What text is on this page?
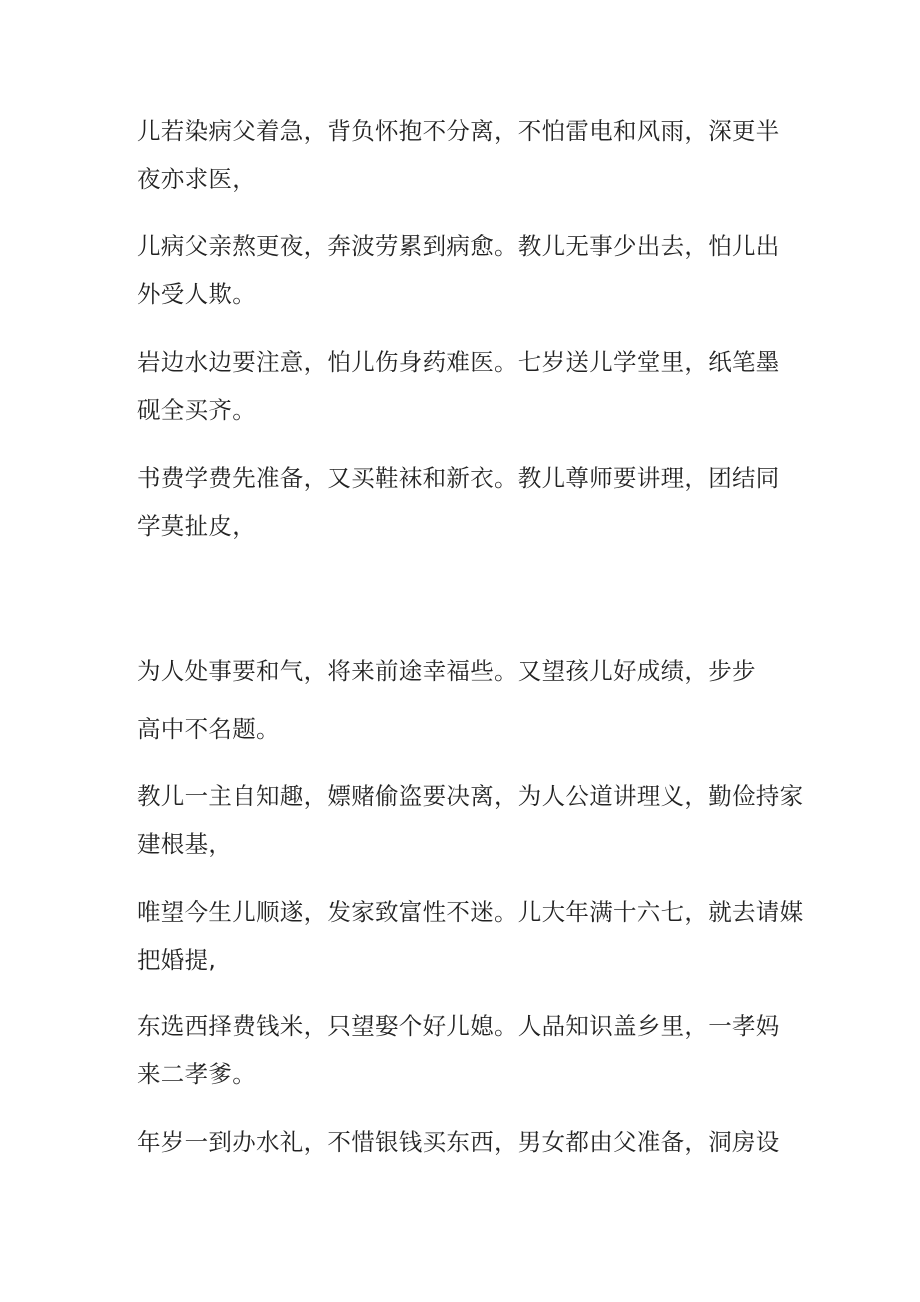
儿若染病父着急，背负怀抱不分离，不怕雷电和风雨，深更半
夜亦求医，
儿病父亲熬更夜，奔波劳累到病愈。教儿无事少出去，怕儿出
外受人欺。
岩边水边要注意，怕儿伤身药难医。七岁送儿学堂里，纸笔墨
砚全买齐。
书费学费先准备，又买鞋袜和新衣。教儿尊师要讲理，团结同
学莫扯皮，
为人处事要和气，将来前途幸福些。又望孩儿好成绩，步步
高中不名题。
教儿一主自知趣，嫖赌偷盗要决离，为人公道讲理义，勤俭持家
建根基，
唯望今生儿顺遂，发家致富性不迷。儿大年满十六七，就去请媒
把婚提,
东选西择费钱米，只望娶个好儿媳。人品知识盖乡里，一孝妈
来二孝爹。
年岁一到办水礼，不惜银钱买东西，男女都由父准备，洞房设
